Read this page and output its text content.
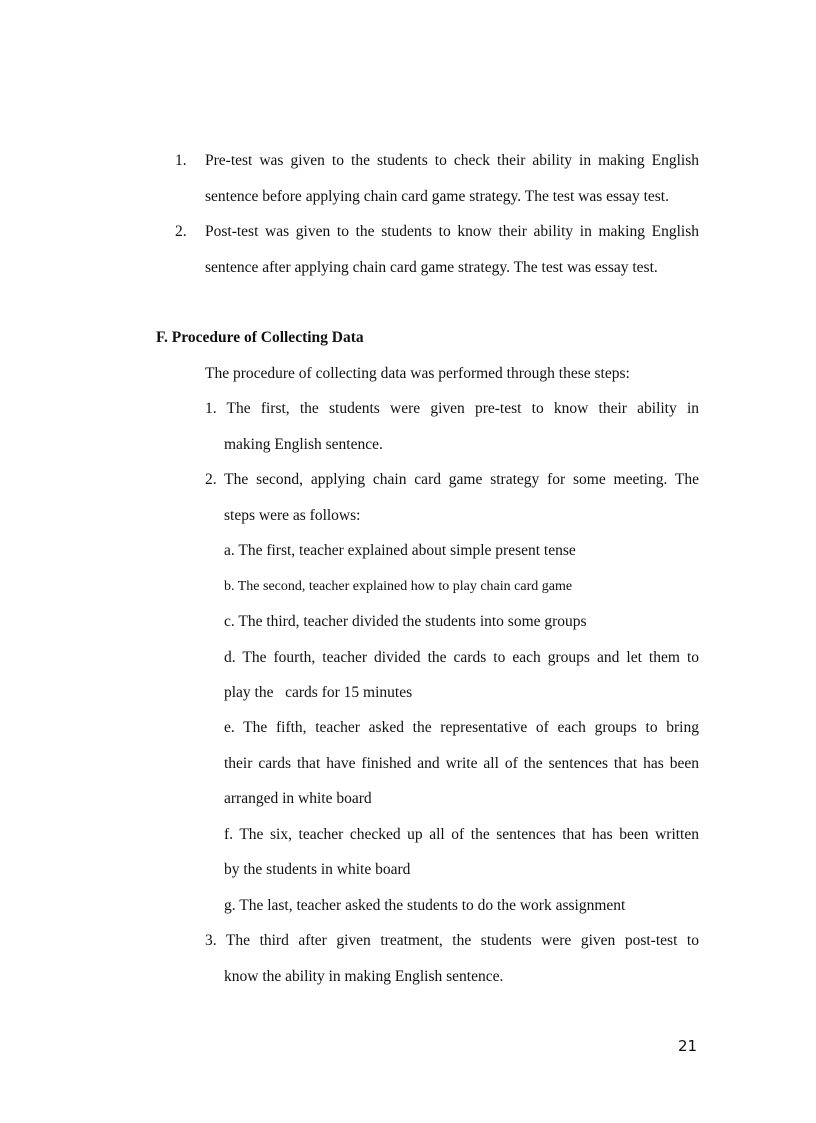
1. Pre-test was given to the students to check their ability in making English
sentence before applying chain card game strategy. The test was essay test.
2. Post-test was given to the students to know their ability in making English
sentence after applying chain card game strategy. The test was essay test.
F. Procedure of Collecting Data
The procedure of collecting data was performed through these steps:
1. The first, the students were given pre-test to know their ability in
making English sentence.
2. The second, applying chain card game strategy for some meeting. The
steps were as follows:
a. The first, teacher explained about simple present tense
b. The second, teacher explained how to play chain card game
c. The third, teacher divided the students into some groups
d. The fourth, teacher divided the cards to each groups and let them to
play the   cards for 15 minutes
e. The fifth, teacher asked the representative of each groups to bring
their cards that have finished and write all of the sentences that has been
arranged in white board
f. The six, teacher checked up all of the sentences that has been written
by the students in white board
g. The last, teacher asked the students to do the work assignment
3. The third after given treatment, the students were given post-test to
know the ability in making English sentence.
21
